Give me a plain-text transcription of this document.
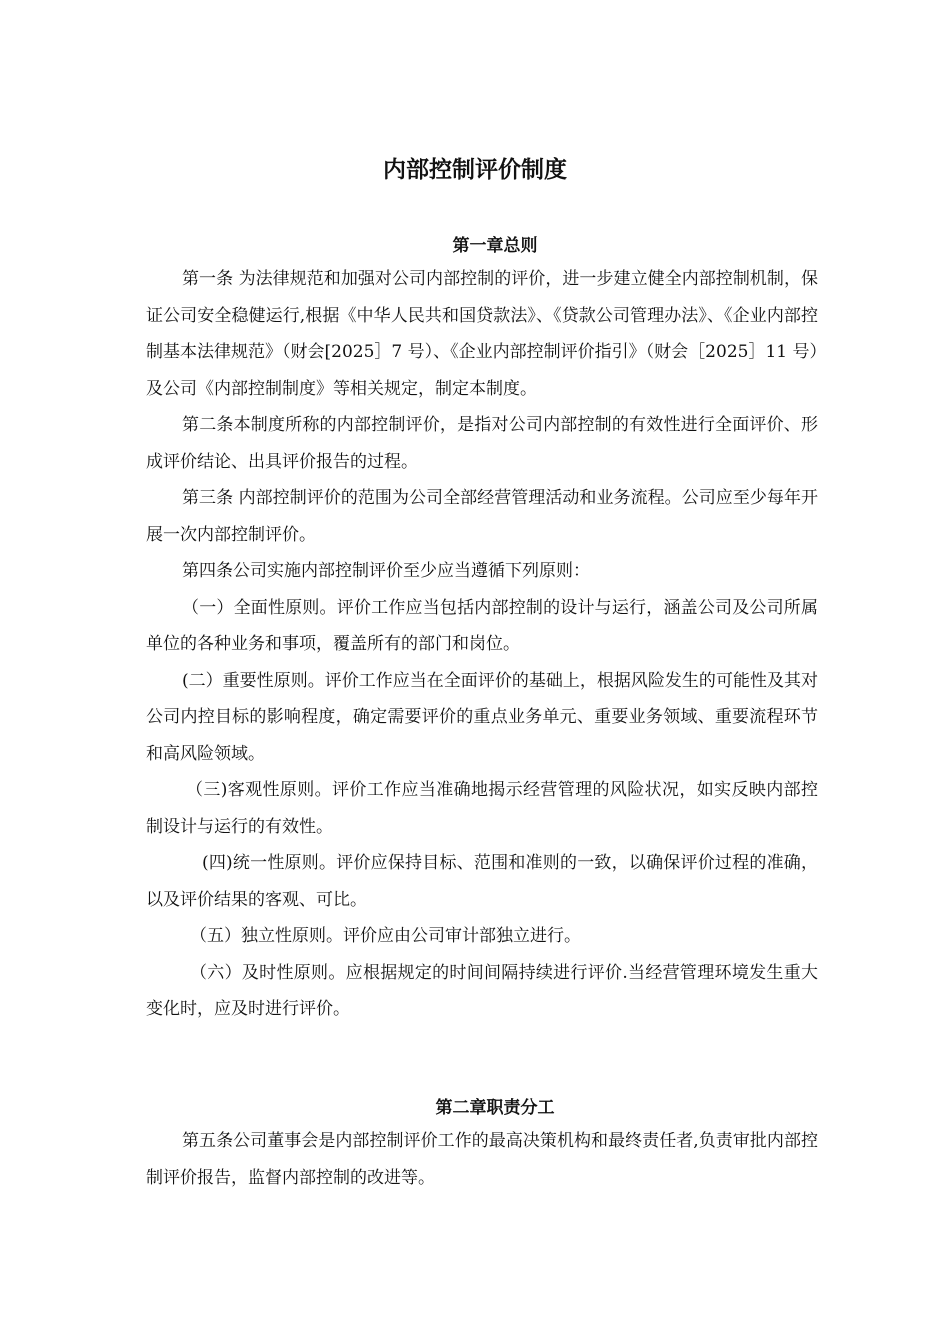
内部控制评价制度
第一章总则

第一条 为法律规范和加强对公司内部控制的评价，进一步建立健全内部控制机制，保证公司安全稳健运行,根据《中华人民共和国贷款法》、《贷款公司管理办法》、《企业内部控制基本法律规范》（财会[2025］7 号）、《企业内部控制评价指引》（财会［2025］11 号）及公司《内部控制制度》等相关规定，制定本制度。

第二条本制度所称的内部控制评价，是指对公司内部控制的有效性进行全面评价、形成评价结论、出具评价报告的过程。

第三条 内部控制评价的范围为公司全部经营管理活动和业务流程。公司应至少每年开展一次内部控制评价。

第四条公司实施内部控制评价至少应当遵循下列原则：

（一）全面性原则。评价工作应当包括内部控制的设计与运行，涵盖公司及公司所属单位的各种业务和事项，覆盖所有的部门和岗位。

(二）重要性原则。评价工作应当在全面评价的基础上，根据风险发生的可能性及其对公司内控目标的影响程度，确定需要评价的重点业务单元、重要业务领域、重要流程环节和高风险领域。

（三)客观性原则。评价工作应当准确地揭示经营管理的风险状况，如实反映内部控制设计与运行的有效性。

(四)统一性原则。评价应保持目标、范围和准则的一致，以确保评价过程的准确，以及评价结果的客观、可比。

（五）独立性原则。评价应由公司审计部独立进行。

（六）及时性原则。应根据规定的时间间隔持续进行评价.当经营管理环境发生重大变化时，应及时进行评价。

第二章职责分工

第五条公司董事会是内部控制评价工作的最高决策机构和最终责任者,负责审批内部控制评价报告，监督内部控制的改进等。
